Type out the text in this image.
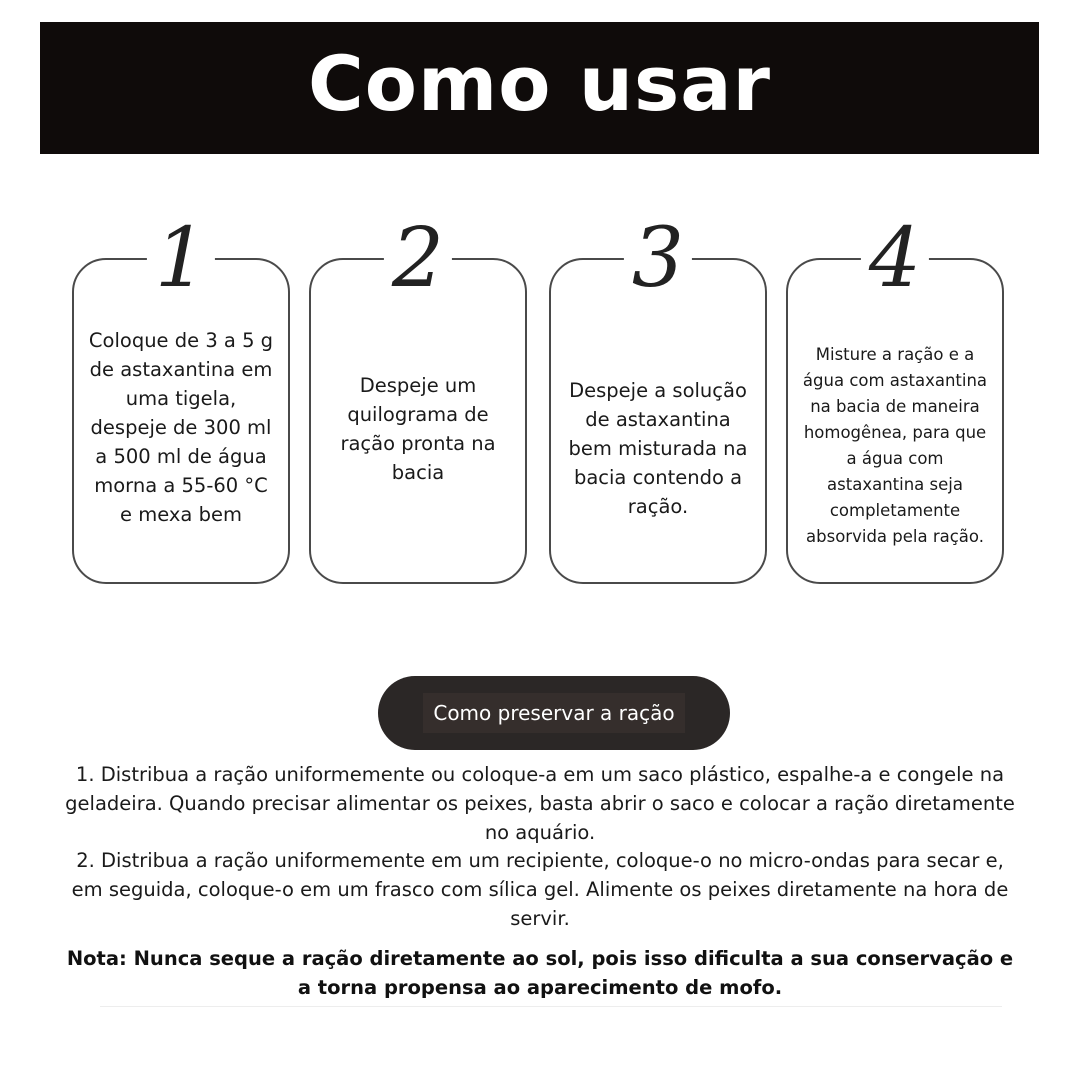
Como usar
1
Coloque de 3 a 5 g
de astaxantina em
uma tigela,
despeje de 300 ml
a 500 ml de água
morna a 55-60 °C
e mexa bem
2
Despeje um
quilograma de
ração pronta na
bacia
3
Despeje a solução
de astaxantina
bem misturada na
bacia contendo a
ração.
4
Misture a ração e a
água com astaxantina
na bacia de maneira
homogênea, para que
a água com
astaxantina seja
completamente
absorvida pela ração.
Como preservar a ração
1. Distribua a ração uniformemente ou coloque-a em um saco plástico, espalhe-a e congele na geladeira. Quando precisar alimentar os peixes, basta abrir o saco e colocar a ração diretamente no aquário.
2. Distribua a ração uniformemente em um recipiente, coloque-o no micro-ondas para secar e, em seguida, coloque-o em um frasco com sílica gel. Alimente os peixes diretamente na hora de servir.
Nota: Nunca seque a ração diretamente ao sol, pois isso dificulta a sua conservação e a torna propensa ao aparecimento de mofo.
